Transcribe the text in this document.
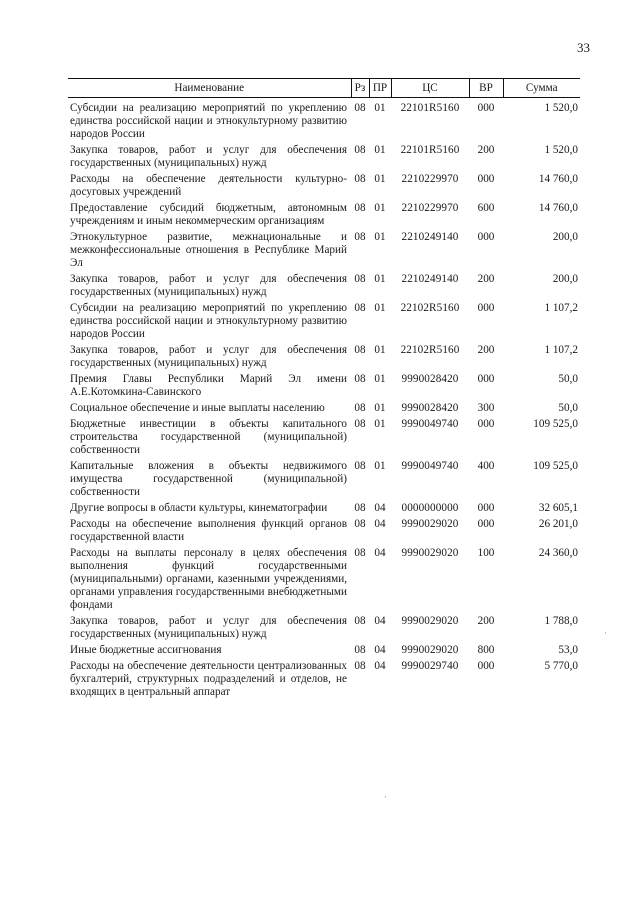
33
Наименование	Рз	ПР	ЦС	ВР	Сумма
Субсидии на реализацию мероприятий по укреплению единства российской нации и этнокультурному развитию народов России	08	01	22101R5160	000	1 520,0
Закупка товаров, работ и услуг для обеспечения государственных (муниципальных) нужд	08	01	22101R5160	200	1 520,0
Расходы на обеспечение деятельности культурно-досуговых учреждений	08	01	2210229970	000	14 760,0
Предоставление субсидий бюджетным, автономным учреждениям и иным некоммерческим организациям	08	01	2210229970	600	14 760,0
Этнокультурное развитие, межнациональные и межконфессиональные отношения в Республике Марий Эл	08	01	2210249140	000	200,0
Закупка товаров, работ и услуг для обеспечения государственных (муниципальных) нужд	08	01	2210249140	200	200,0
Субсидии на реализацию мероприятий по укреплению единства российской нации и этнокультурному развитию народов России	08	01	22102R5160	000	1 107,2
Закупка товаров, работ и услуг для обеспечения государственных (муниципальных) нужд	08	01	22102R5160	200	1 107,2
Премия Главы Республики Марий Эл имени А.Е.Котомкина-Савинского	08	01	9990028420	000	50,0
Социальное обеспечение и иные выплаты населению	08	01	9990028420	300	50,0
Бюджетные инвестиции в объекты капитального строительства государственной (муниципальной) собственности	08	01	9990049740	000	109 525,0
Капитальные вложения в объекты недвижимого имущества государственной (муниципальной) собственности	08	01	9990049740	400	109 525,0
Другие вопросы в области культуры, кинематографии	08	04	0000000000	000	32 605,1
Расходы на обеспечение выполнения функций органов государственной власти	08	04	9990029020	000	26 201,0
Расходы на выплаты персоналу в целях обеспечения выполнения функций государственными (муниципальными) органами, казенными учреждениями, органами управления государственными внебюджетными фондами	08	04	9990029020	100	24 360,0
Закупка товаров, работ и услуг для обеспечения государственных (муниципальных) нужд	08	04	9990029020	200	1 788,0
Иные бюджетные ассигнования	08	04	9990029020	800	53,0
Расходы на обеспечение деятельности централизованных бухгалтерий, структурных подразделений и отделов, не входящих в центральный аппарат	08	04	9990029740	000	5 770,0
·
·
